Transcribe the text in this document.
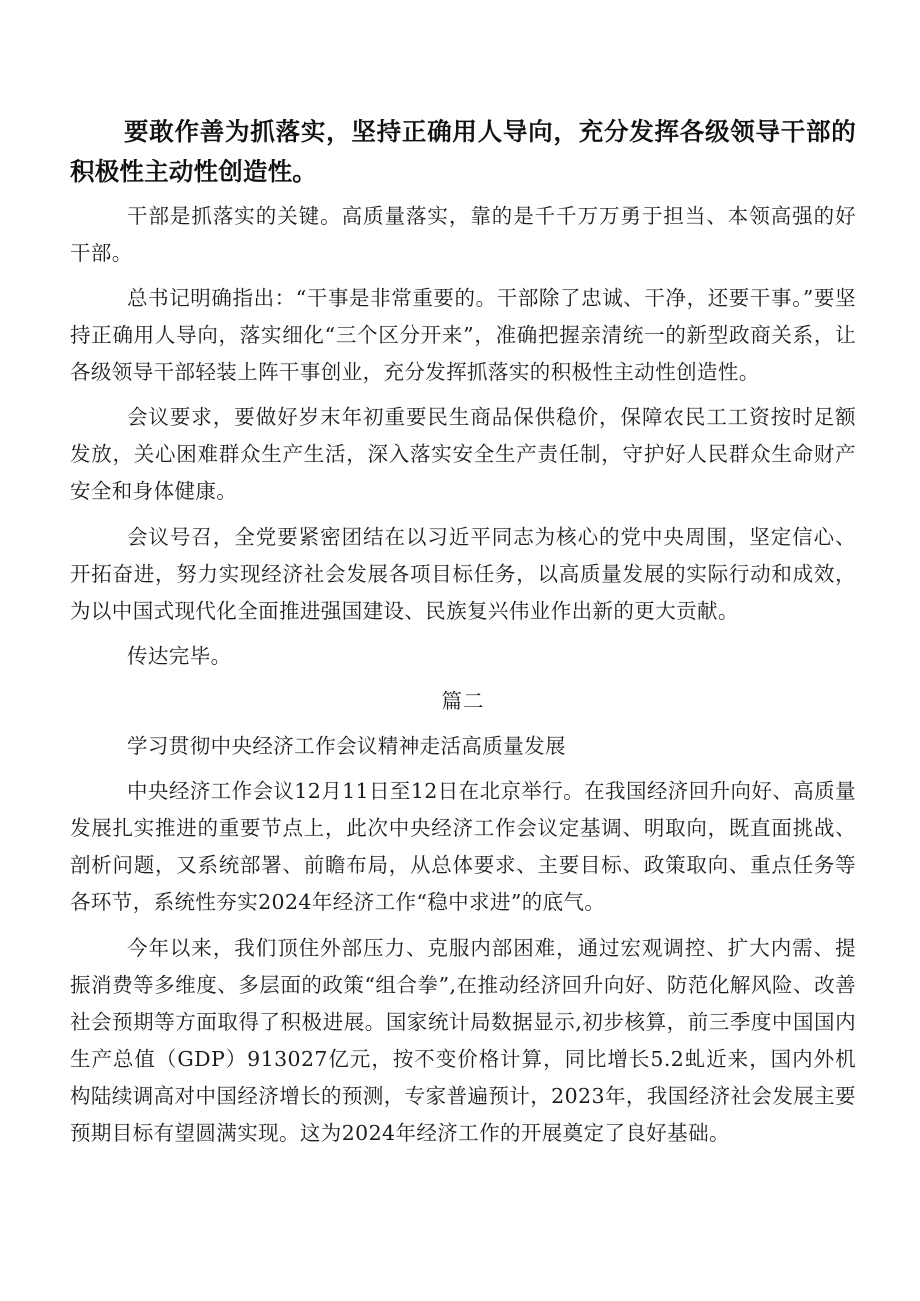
要敢作善为抓落实，坚持正确用人导向，充分发挥各级领导干部的积极性主动性创造性。

干部是抓落实的关键。高质量落实，靠的是千千万万勇于担当、本领高强的好干部。

总书记明确指出：“干事是非常重要的。干部除了忠诚、干净，还要干事。”要坚持正确用人导向，落实细化“三个区分开来”，准确把握亲清统一的新型政商关系，让各级领导干部轻装上阵干事创业，充分发挥抓落实的积极性主动性创造性。

会议要求，要做好岁末年初重要民生商品保供稳价，保障农民工工资按时足额发放，关心困难群众生产生活，深入落实安全生产责任制，守护好人民群众生命财产安全和身体健康。

会议号召，全党要紧密团结在以习近平同志为核心的党中央周围，坚定信心、开拓奋进，努力实现经济社会发展各项目标任务，以高质量发展的实际行动和成效，为以中国式现代化全面推进强国建设、民族复兴伟业作出新的更大贡献。

传达完毕。

篇二

学习贯彻中央经济工作会议精神走活高质量发展

中央经济工作会议12月11日至12日在北京举行。在我国经济回升向好、高质量发展扎实推进的重要节点上，此次中央经济工作会议定基调、明取向，既直面挑战、剖析问题，又系统部署、前瞻布局，从总体要求、主要目标、政策取向、重点任务等各环节，系统性夯实2024年经济工作“稳中求进”的底气。

今年以来，我们顶住外部压力、克服内部困难，通过宏观调控、扩大内需、提振消费等多维度、多层面的政策“组合拳”,在推动经济回升向好、防范化解风险、改善社会预期等方面取得了积极进展。国家统计局数据显示,初步核算，前三季度中国国内生产总值（GDP）913027亿元，按不变价格计算，同比增长5.2虬近来，国内外机构陆续调高对中国经济增长的预测，专家普遍预计，2023年，我国经济社会发展主要预期目标有望圆满实现。这为2024年经济工作的开展奠定了良好基础。
